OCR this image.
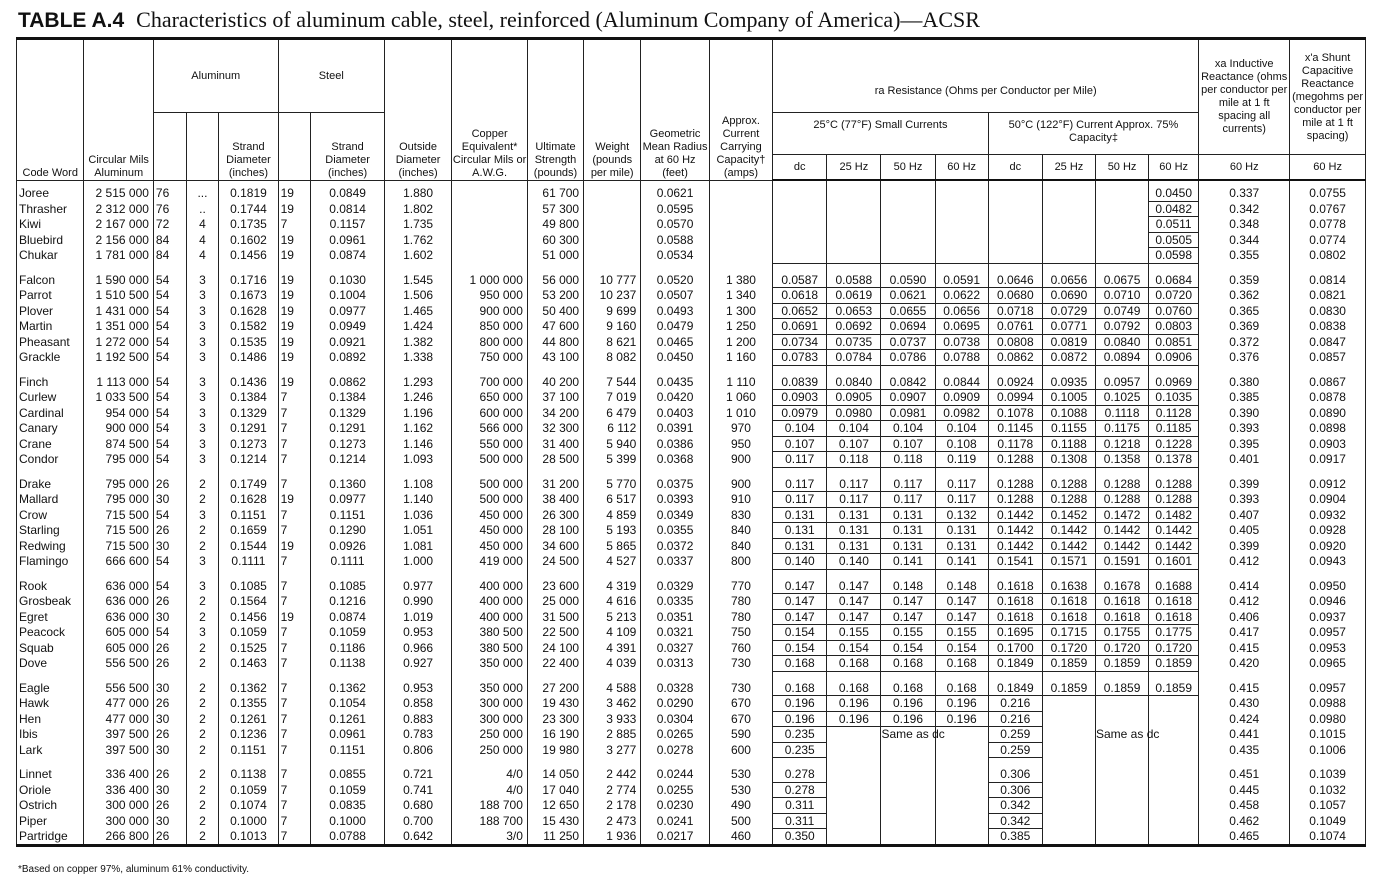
TABLE A.4 Characteristics of aluminum cable, steel, reinforced (Aluminum Company of America)—ACSR
Code Word	Circular Mils Aluminum	Aluminum			Steel		Outside Diameter (inches)	Copper Equivalent* Circular Mils or A.W.G.	Ultimate Strength (pounds)	Weight (pounds per mile)	Geometric Mean Radius at 60 Hz (feet)	Approx. Current Carrying Capacity† (amps)	ra Resistance (Ohms per Conductor per Mile)								xa Inductive Reactance (ohms per conductor per mile at 1 ft spacing all currents)	x'a Shunt Capacitive Reactance (megohms per conductor per mile at 1 ft spacing)

				Strand Diameter (inches)		Strand Diameter (inches)							25°C (77°F) Small Currents				50°C (122°F) Current Approx. 75% Capacity‡					
													dc	25 Hz	50 Hz	60 Hz	dc	25 Hz	50 Hz	60 Hz	60 Hz	60 Hz
Joree	2 515 000	76	...	0.1819	19	0.0849	1.880		61 700		0.0621									0.0450	0.337	0.0755
Thrasher	2 312 000	76	..	0.1744	19	0.0814	1.802		57 300		0.0595									0.0482	0.342	0.0767
Kiwi	2 167 000	72	4	0.1735	7	0.1157	1.735		49 800		0.0570									0.0511	0.348	0.0778
Bluebird	2 156 000	84	4	0.1602	19	0.0961	1.762		60 300		0.0588									0.0505	0.344	0.0774
Chukar	1 781 000	84	4	0.1456	19	0.0874	1.602		51 000		0.0534									0.0598	0.355	0.0802
Falcon	1 590 000	54	3	0.1716	19	0.1030	1.545	1 000 000	56 000	10 777	0.0520	1 380	0.0587	0.0588	0.0590	0.0591	0.0646	0.0656	0.0675	0.0684	0.359	0.0814
Parrot	1 510 500	54	3	0.1673	19	0.1004	1.506	950 000	53 200	10 237	0.0507	1 340	0.0618	0.0619	0.0621	0.0622	0.0680	0.0690	0.0710	0.0720	0.362	0.0821
Plover	1 431 000	54	3	0.1628	19	0.0977	1.465	900 000	50 400	9 699	0.0493	1 300	0.0652	0.0653	0.0655	0.0656	0.0718	0.0729	0.0749	0.0760	0.365	0.0830
Martin	1 351 000	54	3	0.1582	19	0.0949	1.424	850 000	47 600	9 160	0.0479	1 250	0.0691	0.0692	0.0694	0.0695	0.0761	0.0771	0.0792	0.0803	0.369	0.0838
Pheasant	1 272 000	54	3	0.1535	19	0.0921	1.382	800 000	44 800	8 621	0.0465	1 200	0.0734	0.0735	0.0737	0.0738	0.0808	0.0819	0.0840	0.0851	0.372	0.0847
Grackle	1 192 500	54	3	0.1486	19	0.0892	1.338	750 000	43 100	8 082	0.0450	1 160	0.0783	0.0784	0.0786	0.0788	0.0862	0.0872	0.0894	0.0906	0.376	0.0857
Finch	1 113 000	54	3	0.1436	19	0.0862	1.293	700 000	40 200	7 544	0.0435	1 110	0.0839	0.0840	0.0842	0.0844	0.0924	0.0935	0.0957	0.0969	0.380	0.0867
Curlew	1 033 500	54	3	0.1384	7	0.1384	1.246	650 000	37 100	7 019	0.0420	1 060	0.0903	0.0905	0.0907	0.0909	0.0994	0.1005	0.1025	0.1035	0.385	0.0878
Cardinal	954 000	54	3	0.1329	7	0.1329	1.196	600 000	34 200	6 479	0.0403	1 010	0.0979	0.0980	0.0981	0.0982	0.1078	0.1088	0.1118	0.1128	0.390	0.0890
Canary	900 000	54	3	0.1291	7	0.1291	1.162	566 000	32 300	6 112	0.0391	970	0.104	0.104	0.104	0.104	0.1145	0.1155	0.1175	0.1185	0.393	0.0898
Crane	874 500	54	3	0.1273	7	0.1273	1.146	550 000	31 400	5 940	0.0386	950	0.107	0.107	0.107	0.108	0.1178	0.1188	0.1218	0.1228	0.395	0.0903
Condor	795 000	54	3	0.1214	7	0.1214	1.093	500 000	28 500	5 399	0.0368	900	0.117	0.118	0.118	0.119	0.1288	0.1308	0.1358	0.1378	0.401	0.0917
Drake	795 000	26	2	0.1749	7	0.1360	1.108	500 000	31 200	5 770	0.0375	900	0.117	0.117	0.117	0.117	0.1288	0.1288	0.1288	0.1288	0.399	0.0912
Mallard	795 000	30	2	0.1628	19	0.0977	1.140	500 000	38 400	6 517	0.0393	910	0.117	0.117	0.117	0.117	0.1288	0.1288	0.1288	0.1288	0.393	0.0904
Crow	715 500	54	3	0.1151	7	0.1151	1.036	450 000	26 300	4 859	0.0349	830	0.131	0.131	0.131	0.132	0.1442	0.1452	0.1472	0.1482	0.407	0.0932
Starling	715 500	26	2	0.1659	7	0.1290	1.051	450 000	28 100	5 193	0.0355	840	0.131	0.131	0.131	0.131	0.1442	0.1442	0.1442	0.1442	0.405	0.0928
Redwing	715 500	30	2	0.1544	19	0.0926	1.081	450 000	34 600	5 865	0.0372	840	0.131	0.131	0.131	0.131	0.1442	0.1442	0.1442	0.1442	0.399	0.0920
Flamingo	666 600	54	3	0.1111	7	0.1111	1.000	419 000	24 500	4 527	0.0337	800	0.140	0.140	0.141	0.141	0.1541	0.1571	0.1591	0.1601	0.412	0.0943
Rook	636 000	54	3	0.1085	7	0.1085	0.977	400 000	23 600	4 319	0.0329	770	0.147	0.147	0.148	0.148	0.1618	0.1638	0.1678	0.1688	0.414	0.0950
Grosbeak	636 000	26	2	0.1564	7	0.1216	0.990	400 000	25 000	4 616	0.0335	780	0.147	0.147	0.147	0.147	0.1618	0.1618	0.1618	0.1618	0.412	0.0946
Egret	636 000	30	2	0.1456	19	0.0874	1.019	400 000	31 500	5 213	0.0351	780	0.147	0.147	0.147	0.147	0.1618	0.1618	0.1618	0.1618	0.406	0.0937
Peacock	605 000	54	3	0.1059	7	0.1059	0.953	380 500	22 500	4 109	0.0321	750	0.154	0.155	0.155	0.155	0.1695	0.1715	0.1755	0.1775	0.417	0.0957
Squab	605 000	26	2	0.1525	7	0.1186	0.966	380 500	24 100	4 391	0.0327	760	0.154	0.154	0.154	0.154	0.1700	0.1720	0.1720	0.1720	0.415	0.0953
Dove	556 500	26	2	0.1463	7	0.1138	0.927	350 000	22 400	4 039	0.0313	730	0.168	0.168	0.168	0.168	0.1849	0.1859	0.1859	0.1859	0.420	0.0965
Eagle	556 500	30	2	0.1362	7	0.1362	0.953	350 000	27 200	4 588	0.0328	730	0.168	0.168	0.168	0.168	0.1849	0.1859	0.1859	0.1859	0.415	0.0957
Hawk	477 000	26	2	0.1355	7	0.1054	0.858	300 000	19 430	3 462	0.0290	670	0.196	0.196	0.196	0.196	0.216				0.430	0.0988
Hen	477 000	30	2	0.1261	7	0.1261	0.883	300 000	23 300	3 933	0.0304	670	0.196	0.196	0.196	0.196	0.216				0.424	0.0980
Ibis	397 500	26	2	0.1236	7	0.0961	0.783	250 000	16 190	2 885	0.0265	590	0.235		Same as dc		0.259		Same as dc		0.441	0.1015
Lark	397 500	30	2	0.1151	7	0.1151	0.806	250 000	19 980	3 277	0.0278	600	0.235				0.259				0.435	0.1006
Linnet	336 400	26	2	0.1138	7	0.0855	0.721	4/0	14 050	2 442	0.0244	530	0.278				0.306				0.451	0.1039
Oriole	336 400	30	2	0.1059	7	0.1059	0.741	4/0	17 040	2 774	0.0255	530	0.278				0.306				0.445	0.1032
Ostrich	300 000	26	2	0.1074	7	0.0835	0.680	188 700	12 650	2 178	0.0230	490	0.311				0.342				0.458	0.1057
Piper	300 000	30	2	0.1000	7	0.1000	0.700	188 700	15 430	2 473	0.0241	500	0.311				0.342				0.462	0.1049
Partridge	266 800	26	2	0.1013	7	0.0788	0.642	3/0	11 250	1 936	0.0217	460	0.350				0.385				0.465	0.1074
*Based on copper 97%, aluminum 61% conductivity.
